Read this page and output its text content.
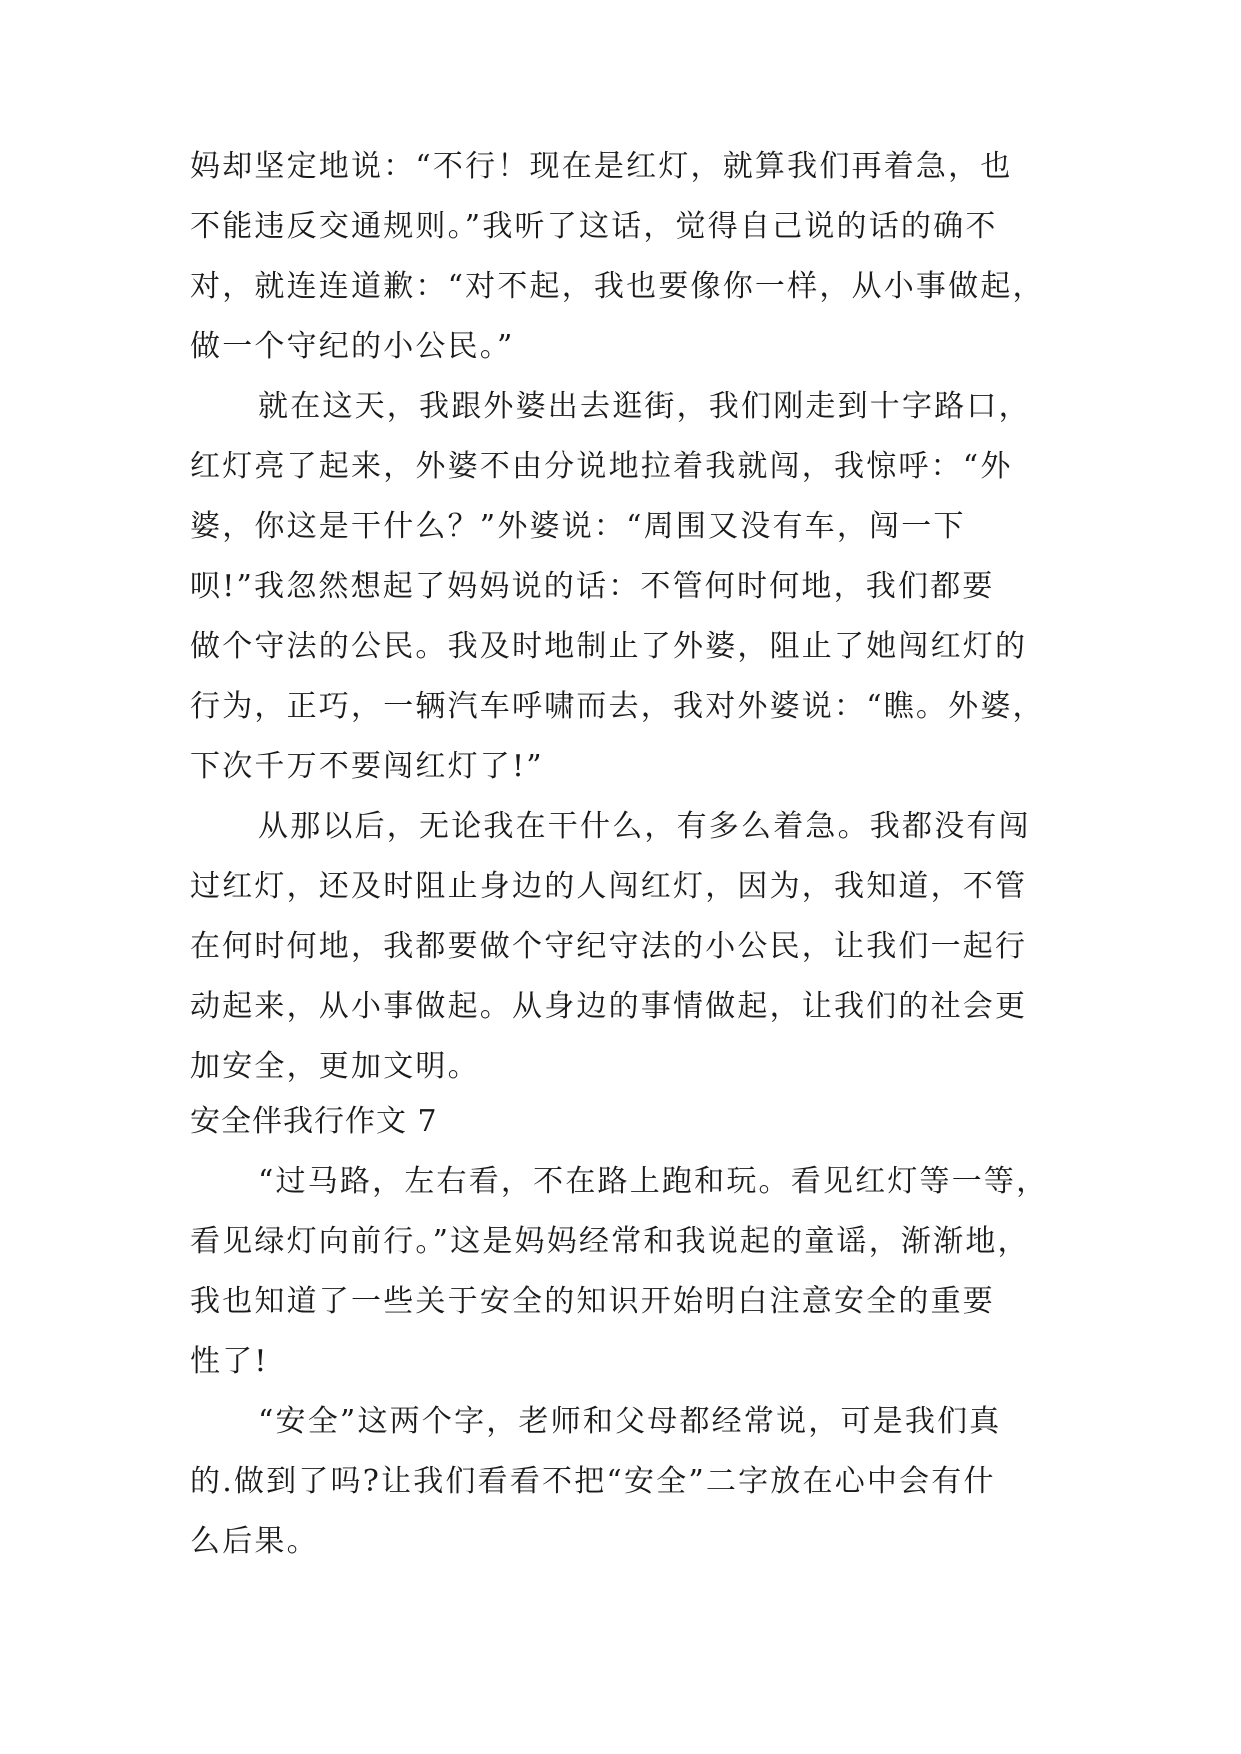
妈却坚定地说：“不行！现在是红灯，就算我们再着急，也
不能违反交通规则。”我听了这话，觉得自己说的话的确不
对，就连连道歉：“对不起，我也要像你一样，从小事做起，
做一个守纪的小公民。”
就在这天，我跟外婆出去逛街，我们刚走到十字路口，
红灯亮了起来，外婆不由分说地拉着我就闯，我惊呼：“外
婆，你这是干什么？”外婆说：“周围又没有车，闯一下
呗!”我忽然想起了妈妈说的话：不管何时何地，我们都要
做个守法的公民。我及时地制止了外婆，阻止了她闯红灯的
行为，正巧，一辆汽车呼啸而去，我对外婆说：“瞧。外婆，
下次千万不要闯红灯了!”
从那以后，无论我在干什么，有多么着急。我都没有闯
过红灯，还及时阻止身边的人闯红灯，因为，我知道，不管
在何时何地，我都要做个守纪守法的小公民，让我们一起行
动起来，从小事做起。从身边的事情做起，让我们的社会更
加安全，更加文明。
安全伴我行作文 7
“过马路，左右看，不在路上跑和玩。看见红灯等一等，
看见绿灯向前行。”这是妈妈经常和我说起的童谣，渐渐地，
我也知道了一些关于安全的知识开始明白注意安全的重要
性了!
“安全”这两个字，老师和父母都经常说，可是我们真
的.做到了吗?让我们看看不把“安全”二字放在心中会有什
么后果。
